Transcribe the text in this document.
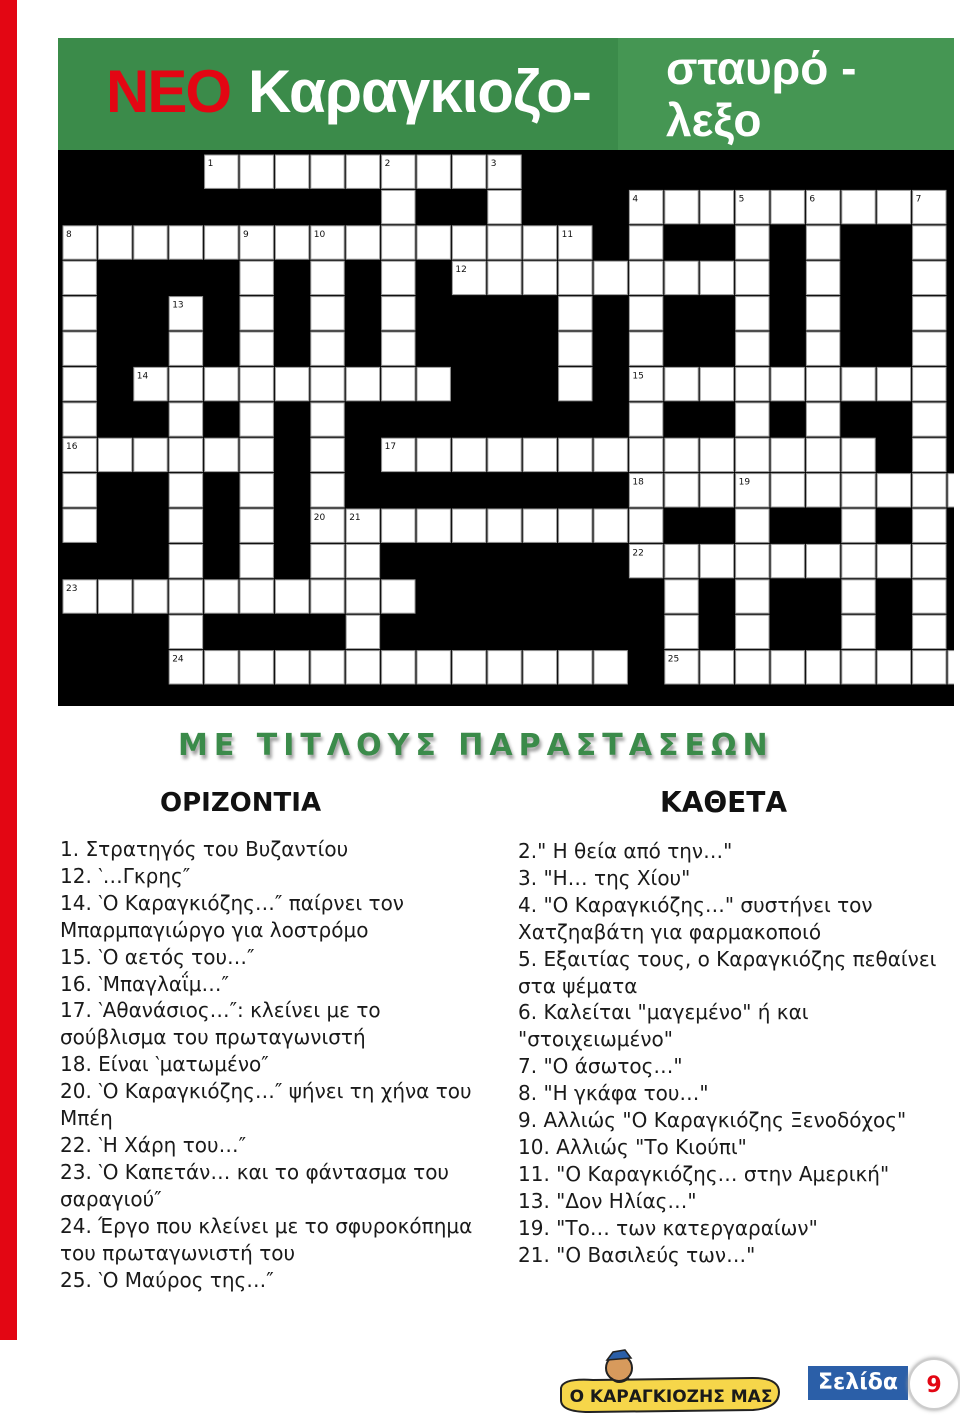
ΝΕΟ Καραγκιοζο- σταυρό -
λεξο
1	2	3
4	5	6	7
8	9	10	11
12
13
14	15
16	17
18	19
20	21
22
23
24	25
ΜΕ ΤΙΤΛΟΥΣ ΠΑΡΑΣΤΑΣΕΩΝ
ΟΡΙΖΟΝΤΙΑ	ΚΑΘΕΤΑ
1. Στρατηγός του Βυζαντίου
12. ‵…Γκρης″
14. ‵Ο Καραγκιόζης…″ παίρνει τον
Μπαρμπαγιώργο για λοστρόμο
15. ‵Ο αετός του…″
16. ‵Μπαγλαΐμ…″
17. ‵Αθανάσιος…″: κλείνει με το
σούβλισμα του πρωταγωνιστή
18. Είναι ‵ματωμένο″
20. ‵Ο Καραγκιόζης…″ ψήνει τη χήνα του
Μπέη
22. ‵Η Χάρη του…″
23. ‵Ο Καπετάν… και το φάντασμα του
σαραγιού″
24. Έργο που κλείνει με το σφυροκόπημα
του πρωταγωνιστή του
25. ‵Ο Μαύρος της…″
2." Η θεία από την…"
3. "Η… της Χίου"
4. "Ο Καραγκιόζης…" συστήνει τον
Χατζηαβάτη για φαρμακοποιό
5. Εξαιτίας τους, ο Καραγκιόζης πεθαίνει
στα ψέματα
6. Καλείται "μαγεμένο" ή και
"στοιχειωμένο"
7. "Ο άσωτος…"
8. "Η γκάφα του…"
9. Αλλιώς "Ο Καραγκιόζης Ξενοδόχος"
10. Αλλιώς "Το Κιούπι"
11. "Ο Καραγκιόζης… στην Αμερική"
13. "Δον Ηλίας…"
19. "Το… των κατεργαραίων"
21. "Ο Βασιλεύς των…"
Ο ΚΑΡΑΓΚΙΟΖΗΣ ΜΑΣ
Σελίδα	9
